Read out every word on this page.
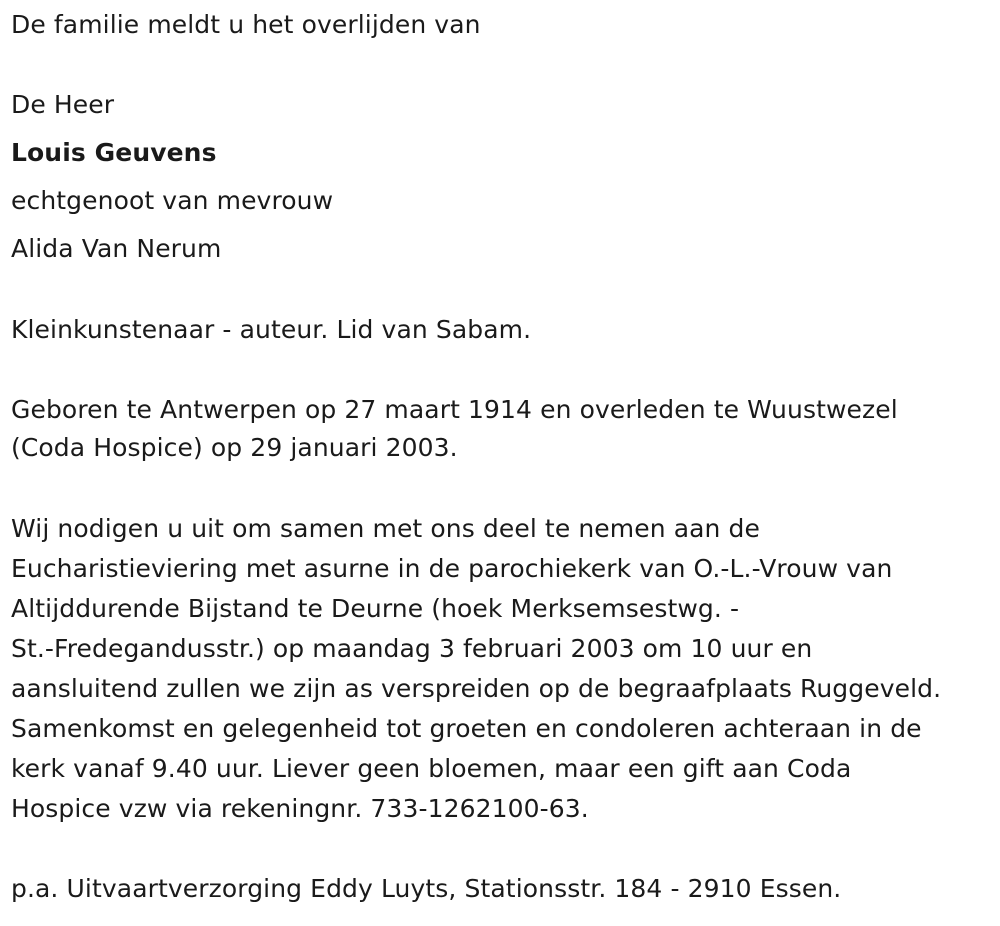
De familie meldt u het overlijden van
De Heer
Louis Geuvens
echtgenoot van mevrouw
Alida Van Nerum
Kleinkunstenaar - auteur. Lid van Sabam.
Geboren te Antwerpen op 27 maart 1914 en overleden te Wuustwezel
(Coda Hospice) op 29 januari 2003.
Wij nodigen u uit om samen met ons deel te nemen aan de
Eucharistieviering met asurne in de parochiekerk van O.-L.-Vrouw van
Altijddurende Bijstand te Deurne (hoek Merksemsestwg. -
St.-Fredegandusstr.) op maandag 3 februari 2003 om 10 uur en
aansluitend zullen we zijn as verspreiden op de begraafplaats Ruggeveld.
Samenkomst en gelegenheid tot groeten en condoleren achteraan in de
kerk vanaf 9.40 uur. Liever geen bloemen, maar een gift aan Coda
Hospice vzw via rekeningnr. 733-1262100-63.
p.a. Uitvaartverzorging Eddy Luyts, Stationsstr. 184 - 2910 Essen.
